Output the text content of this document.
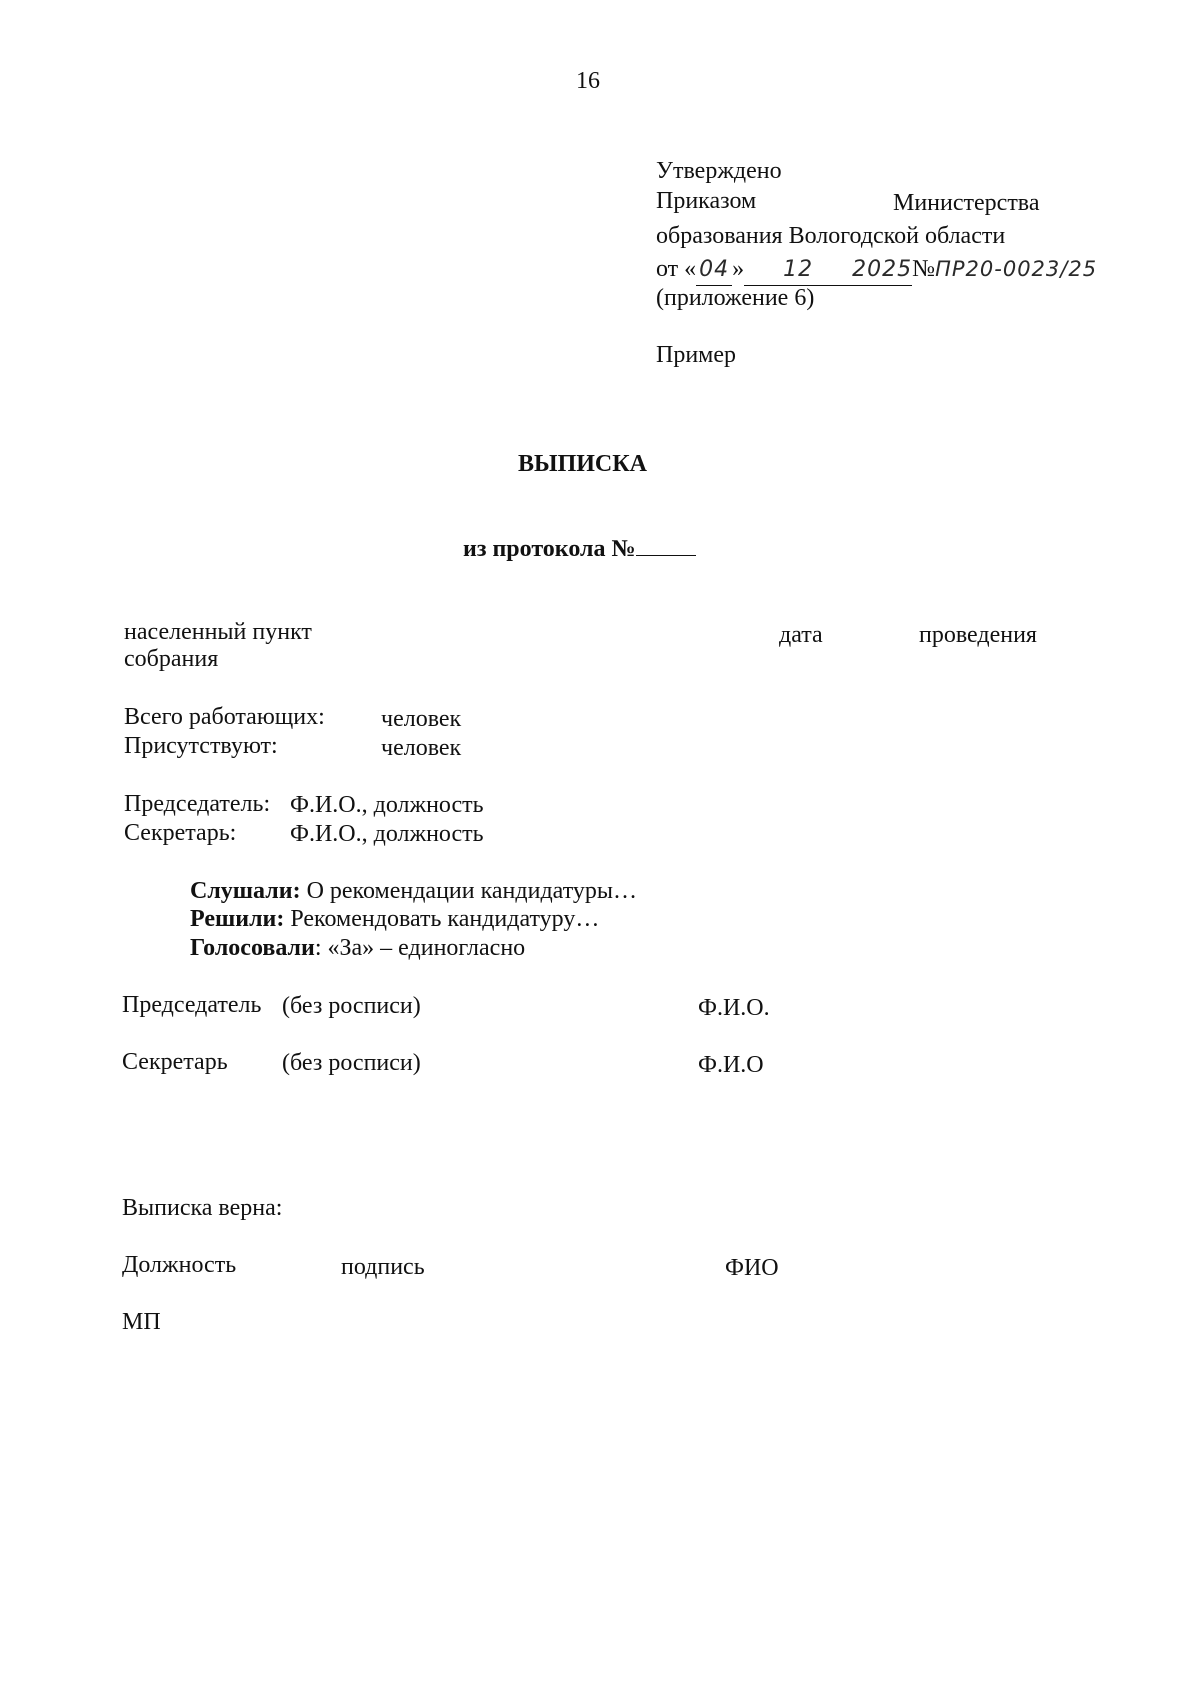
16
Утверждено
Приказом	Министерства
образования Вологодской области
от « 04 » 12 2025№ПР20-0023/25
(приложение 6)
Пример
ВЫПИСКА
из протокола №
населенный пункт	дата	проведения
собрания
Всего работающих: человек
Присутствуют:	человек
Председатель: Ф.И.О., должность
Секретарь: Ф.И.О., должность
Слушали: О рекомендации кандидатуры…
Решили: Рекомендовать кандидатуру…
Голосовали: «За» – единогласно
Председатель (без росписи)	Ф.И.О.
Секретарь (без росписи)	Ф.И.О
Выписка верна:
Должность	подпись	ФИО
МП
